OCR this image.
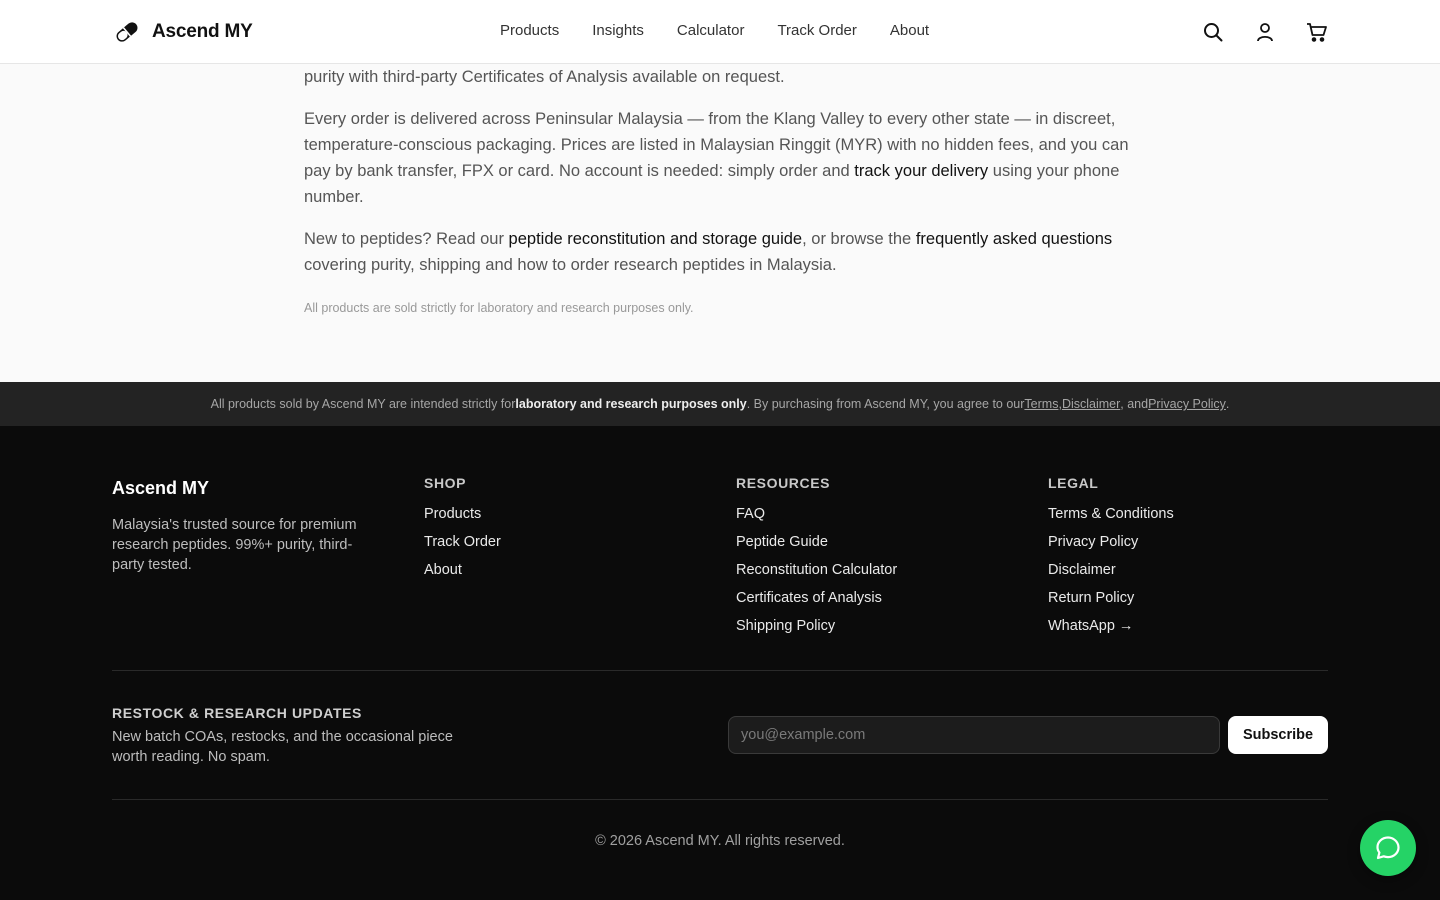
Ascend MY	Products Insights Calculator Track Order About

purity with third-party Certificates of Analysis available on request.

Every order is delivered across Peninsular Malaysia — from the Klang Valley to every other state — in discreet, temperature-conscious packaging. Prices are listed in Malaysian Ringgit (MYR) with no hidden fees, and you can pay by bank transfer, FPX or card. No account is needed: simply order and track your delivery using your phone number.

New to peptides? Read our peptide reconstitution and storage guide, or browse the frequently asked questions covering purity, shipping and how to order research peptides in Malaysia.

All products are sold strictly for laboratory and research purposes only.
All products sold by Ascend MY are intended strictly for laboratory and research purposes only . By purchasing from Ascend MY, you agree to our Terms , Disclaimer , and Privacy Policy .
Ascend MY
Malaysia's trusted source for premium research peptides. 99%+ purity, third-party tested.
SHOP
Products
Track Order
About
RESOURCES
FAQ
Peptide Guide
Reconstitution Calculator
Certificates of Analysis
Shipping Policy
LEGAL
Terms & Conditions
Privacy Policy
Disclaimer
Return Policy
WhatsApp →
RESTOCK & RESEARCH UPDATES
New batch COAs, restocks, and the occasional piece worth reading. No spam.
you@example.com
Subscribe
© 2026 Ascend MY. All rights reserved.
